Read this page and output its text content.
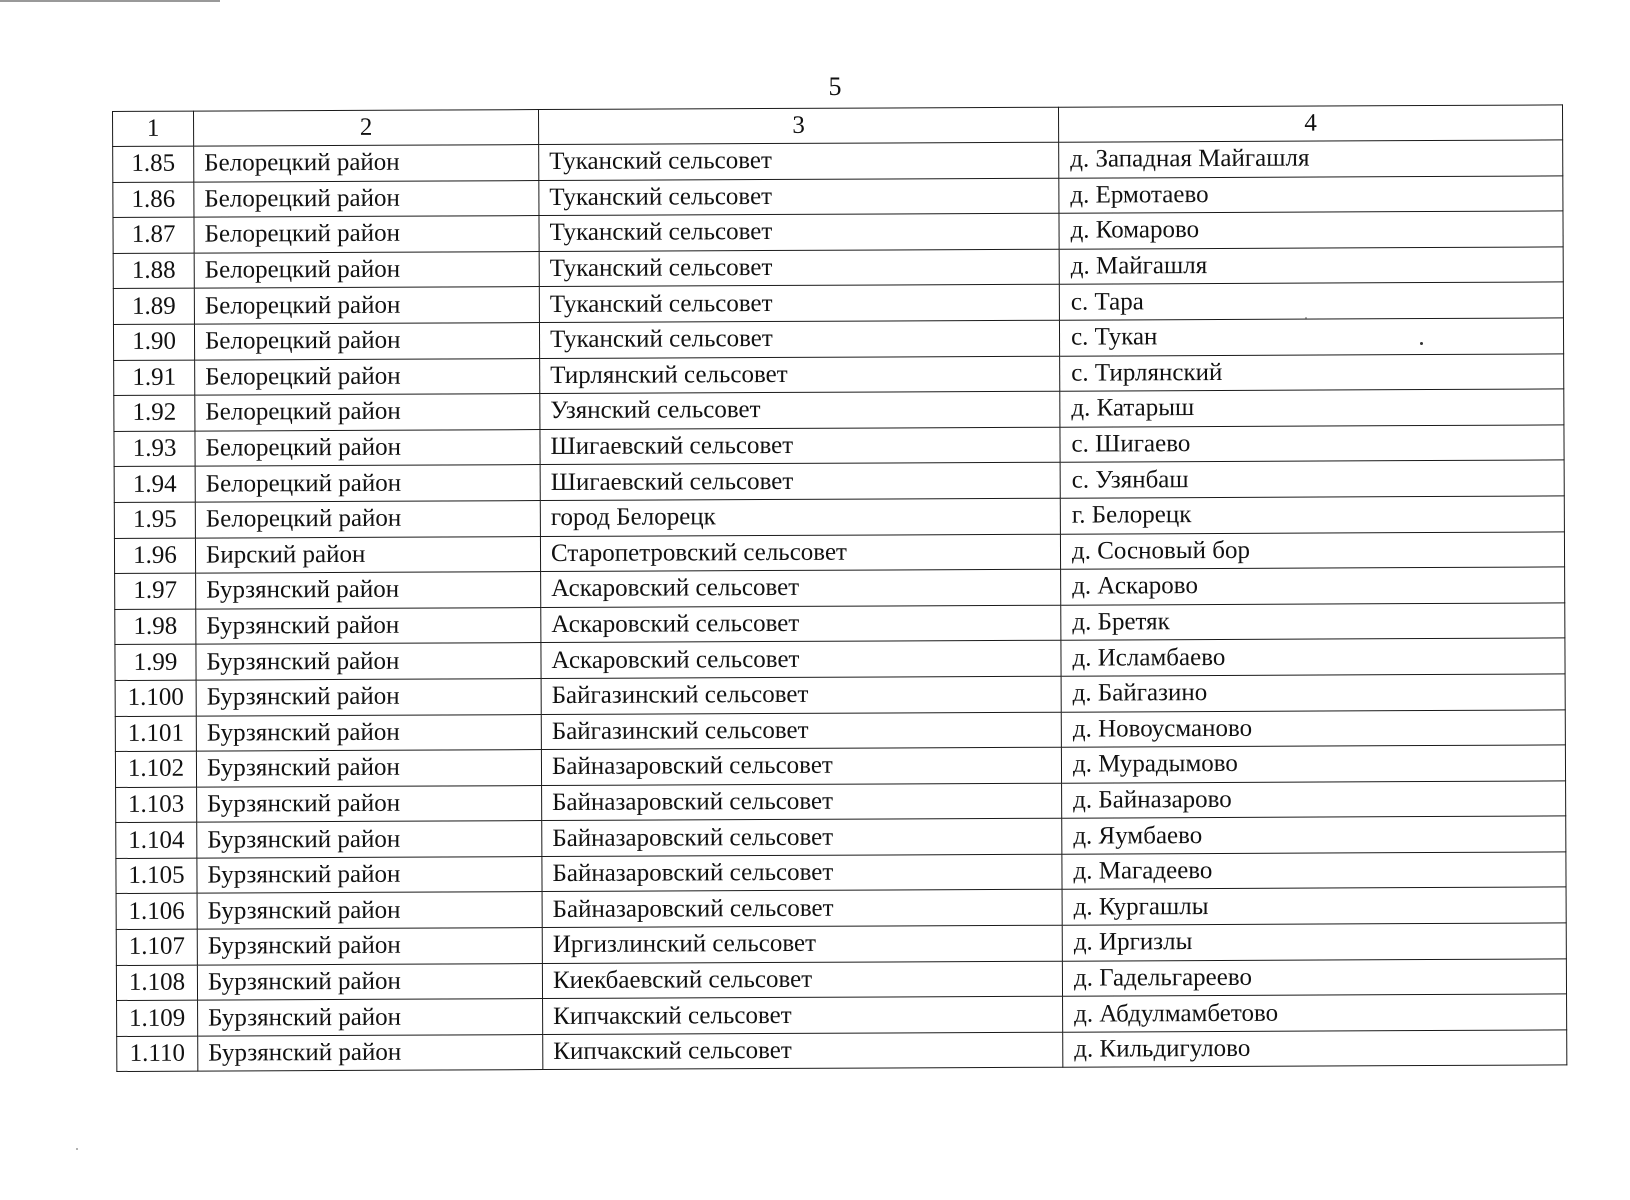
5
1	2	3	4
1.85	Белорецкий район	Туканский сельсовет	д. Западная Майгашля
1.86	Белорецкий район	Туканский сельсовет	д. Ермотаево
1.87	Белорецкий район	Туканский сельсовет	д. Комарово
1.88	Белорецкий район	Туканский сельсовет	д. Майгашля
1.89	Белорецкий район	Туканский сельсовет	с. Тара
1.90	Белорецкий район	Туканский сельсовет	с. Тукан
1.91	Белорецкий район	Тирлянский сельсовет	с. Тирлянский
1.92	Белорецкий район	Узянский сельсовет	д. Катарыш
1.93	Белорецкий район	Шигаевский сельсовет	с. Шигаево
1.94	Белорецкий район	Шигаевский сельсовет	с. Узянбаш
1.95	Белорецкий район	город Белорецк	г. Белорецк
1.96	Бирский район	Старопетровский сельсовет	д. Сосновый бор
1.97	Бурзянский район	Аскаровский сельсовет	д. Аскарово
1.98	Бурзянский район	Аскаровский сельсовет	д. Бретяк
1.99	Бурзянский район	Аскаровский сельсовет	д. Исламбаево
1.100	Бурзянский район	Байгазинский сельсовет	д. Байгазино
1.101	Бурзянский район	Байгазинский сельсовет	д. Новоусманово
1.102	Бурзянский район	Байназаровский сельсовет	д. Мурадымово
1.103	Бурзянский район	Байназаровский сельсовет	д. Байназарово
1.104	Бурзянский район	Байназаровский сельсовет	д. Яумбаево
1.105	Бурзянский район	Байназаровский сельсовет	д. Магадеево
1.106	Бурзянский район	Байназаровский сельсовет	д. Кургашлы
1.107	Бурзянский район	Иргизлинский сельсовет	д. Иргизлы
1.108	Бурзянский район	Киекбаевский сельсовет	д. Гадельгареево
1.109	Бурзянский район	Кипчакский сельсовет	д. Абдулмамбетово
1.110	Бурзянский район	Кипчакский сельсовет	д. Кильдигулово
